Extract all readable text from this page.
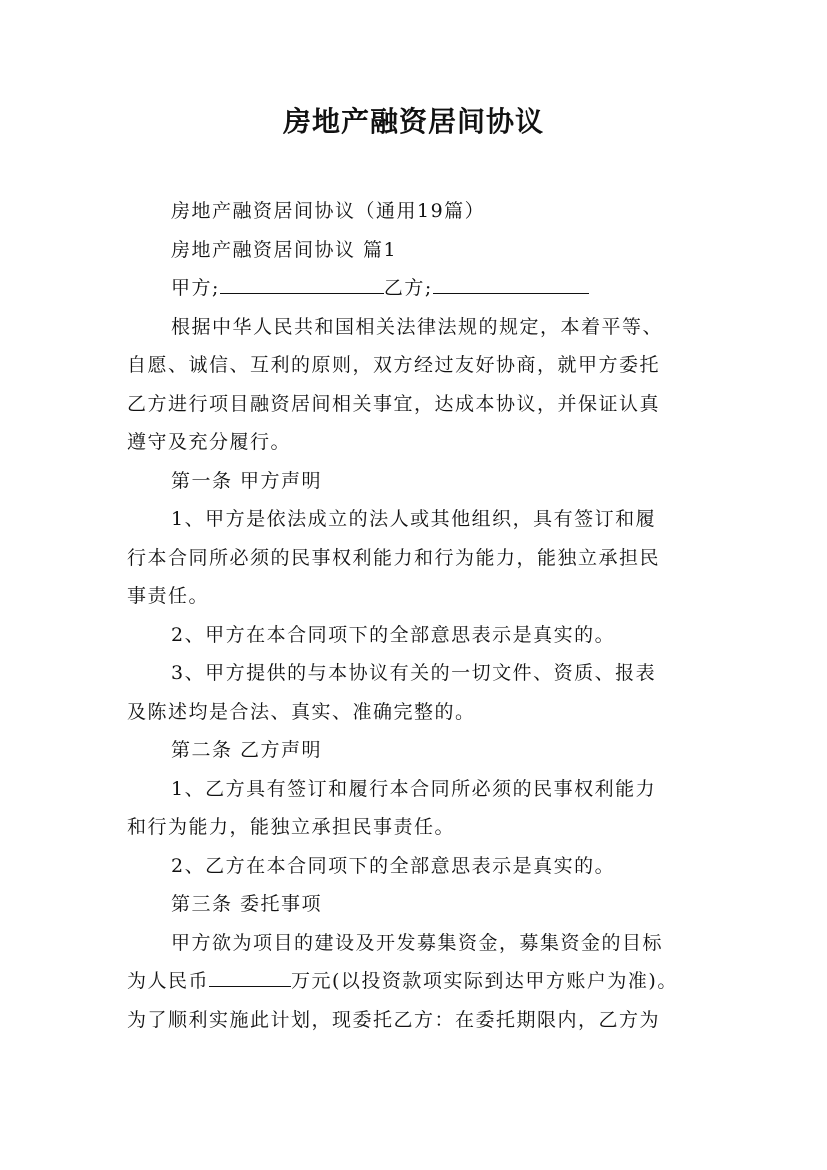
房地产融资居间协议
房地产融资居间协议（通用19篇）
房地产融资居间协议 篇1
甲方;	乙方;
根据中华人民共和国相关法律法规的规定，本着平等、
自愿、诚信、互利的原则，双方经过友好协商，就甲方委托
乙方进行项目融资居间相关事宜，达成本协议，并保证认真
遵守及充分履行。
第一条 甲方声明
1、甲方是依法成立的法人或其他组织，具有签订和履
行本合同所必须的民事权利能力和行为能力，能独立承担民
事责任。
2、甲方在本合同项下的全部意思表示是真实的。
3、甲方提供的与本协议有关的一切文件、资质、报表
及陈述均是合法、真实、准确完整的。
第二条 乙方声明
1、乙方具有签订和履行本合同所必须的民事权利能力
和行为能力，能独立承担民事责任。
2、乙方在本合同项下的全部意思表示是真实的。
第三条 委托事项
甲方欲为项目的建设及开发募集资金，募集资金的目标
为人民币	万元(以投资款项实际到达甲方账户为准)。
为了顺利实施此计划，现委托乙方：在委托期限内，乙方为
